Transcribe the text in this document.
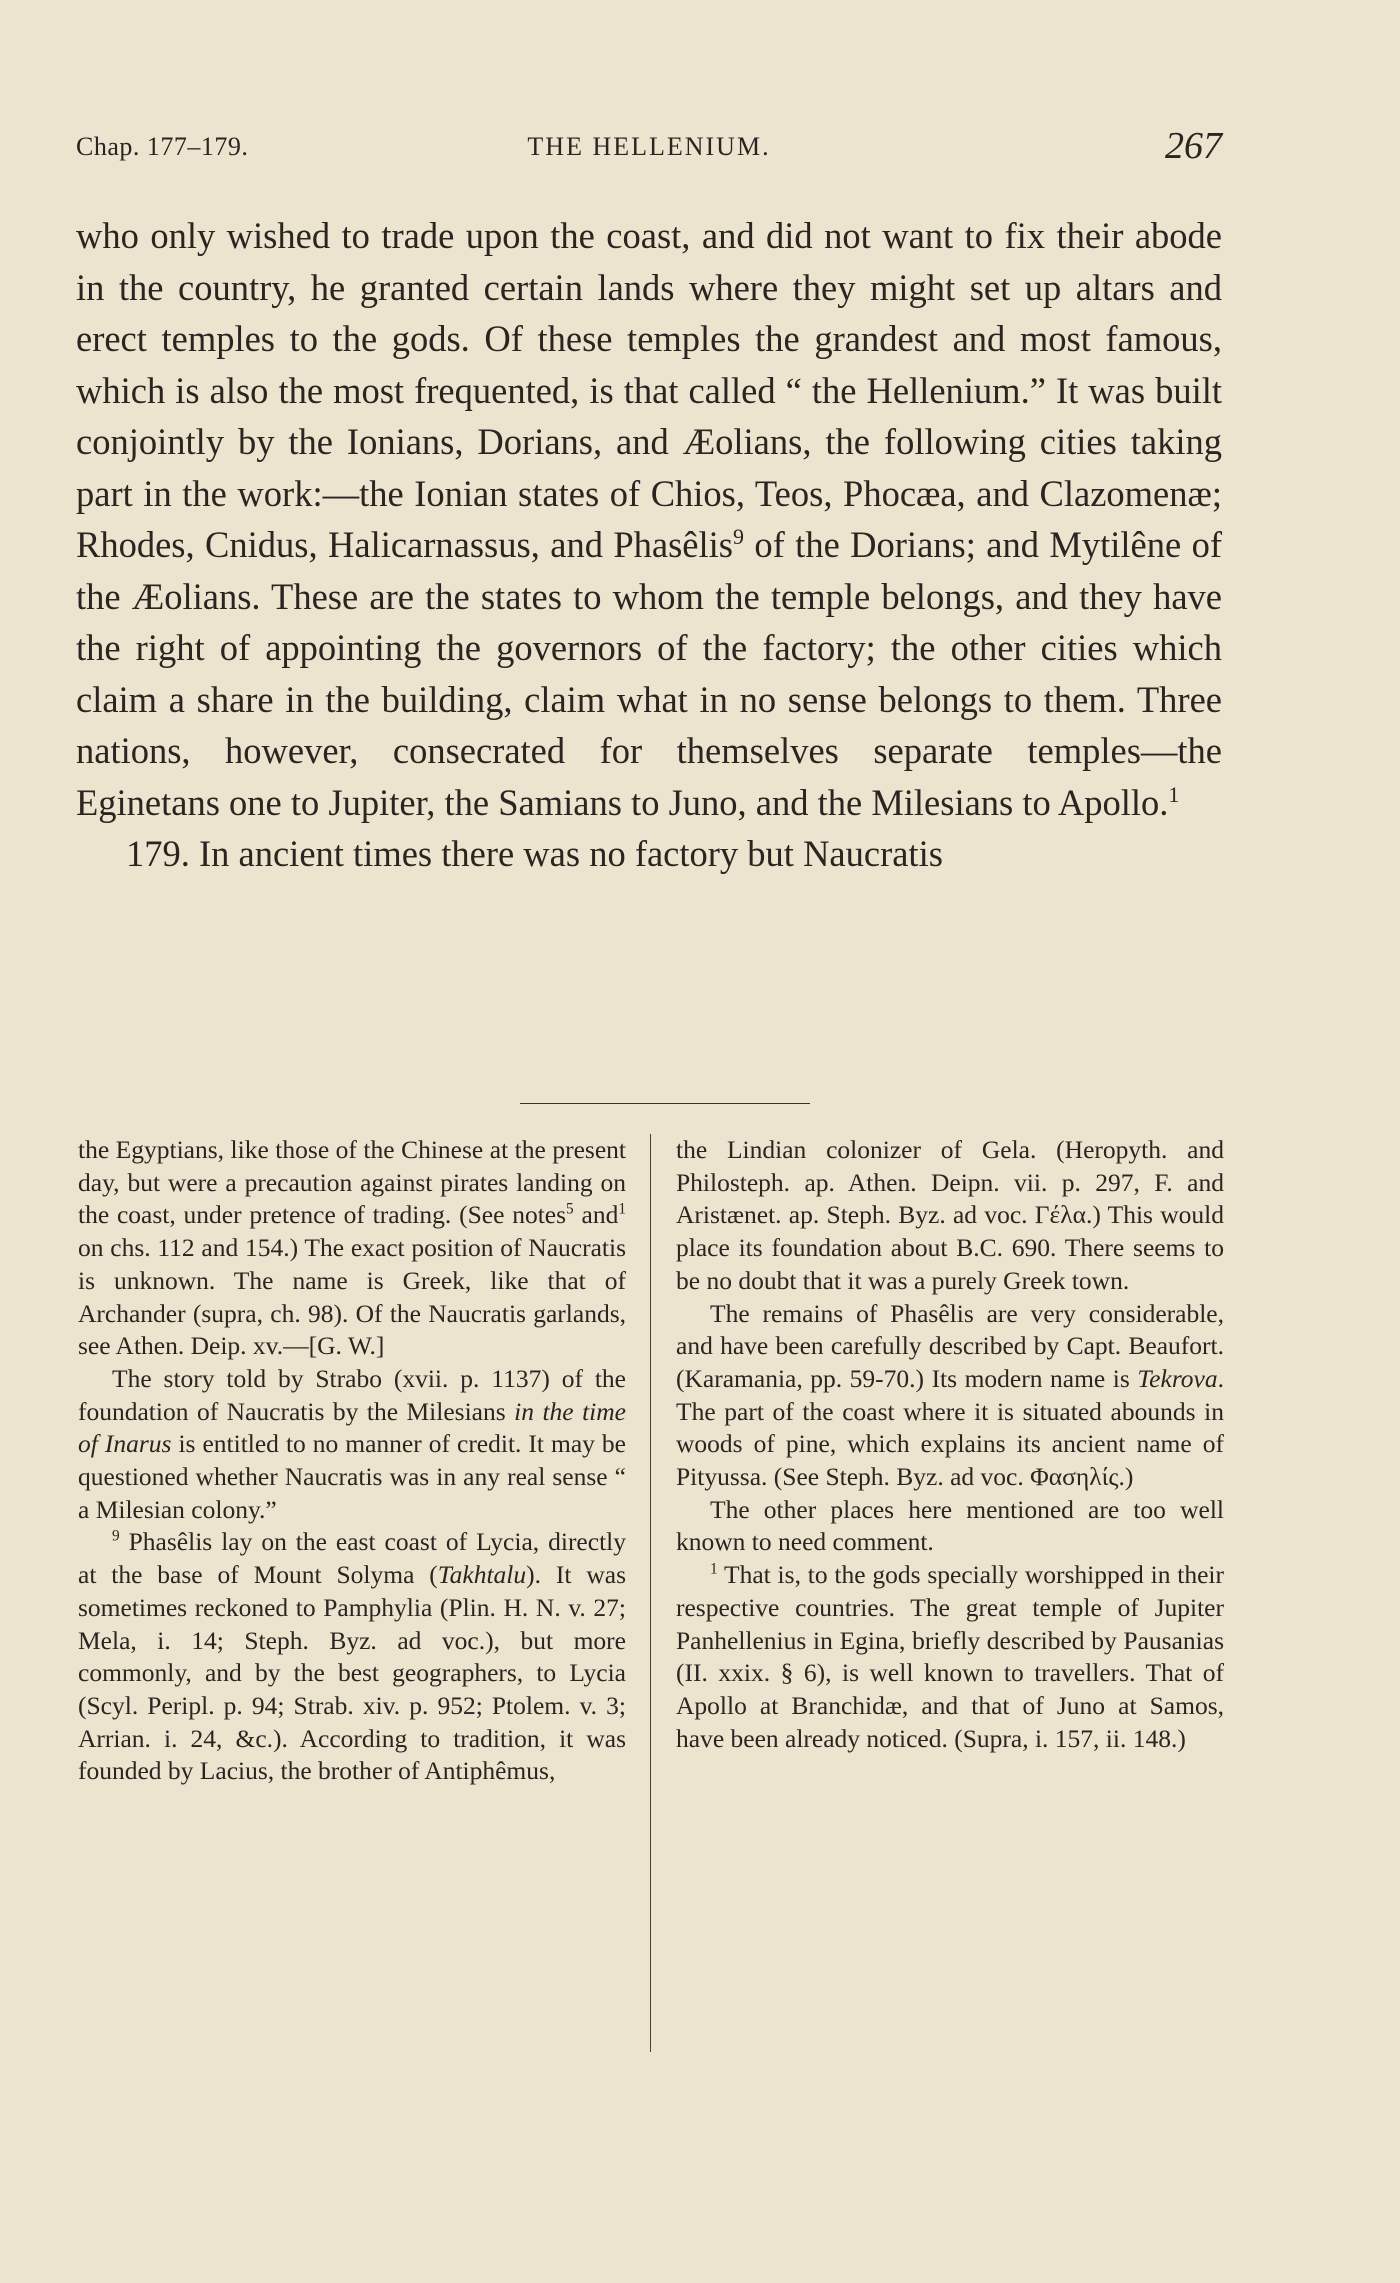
Chap. 177–179.	THE HELLENIUM.	267

who only wished to trade upon the coast, and did not want to fix their abode in the country, he granted certain lands where they might set up altars and erect temples to the gods. Of these temples the grandest and most famous, which is also the most frequented, is that called “ the Hellenium.” It was built conjointly by the Ionians, Dorians, and Æolians, the following cities taking part in the work:—the Ionian states of Chios, Teos, Phocæa, and Clazomenæ; Rhodes, Cnidus, Halicarnassus, and Phasêlis$^9$ of the Dorians; and Mytilêne of the Æolians. These are the states to whom the temple belongs, and they have the right of appointing the governors of the factory; the other cities which claim a share in the building, claim what in no sense belongs to them. Three nations, however, consecrated for themselves separate temples—the Eginetans one to Jupiter, the Samians to Juno, and the Milesians to Apollo.$^1$

179. In ancient times there was no factory but Naucratis

the Egyptians, like those of the Chinese at the present day, but were a precaution against pirates landing on the coast, under pretence of trading. (See notes$^5$ and$^1$ on chs. 112 and 154.) The exact position of Naucratis is unknown. The name is Greek, like that of Archander (supra, ch. 98). Of the Naucratis garlands, see Athen. Deip. xv.—[G. W.]

The story told by Strabo (xvii. p. 1137) of the foundation of Naucratis by the Milesians in the time of Inarus is entitled to no manner of credit. It may be questioned whether Naucratis was in any real sense “ a Milesian colony.”

$^9$ Phasêlis lay on the east coast of Lycia, directly at the base of Mount Solyma (Takhtalu). It was sometimes reckoned to Pamphylia (Plin. H. N. v. 27; Mela, i. 14; Steph. Byz. ad voc.), but more commonly, and by the best geographers, to Lycia (Scyl. Peripl. p. 94; Strab. xiv. p. 952; Ptolem. v. 3; Arrian. i. 24, &c.). According to tradition, it was founded by Lacius, the brother of Antiphêmus,

the Lindian colonizer of Gela. (Heropyth. and Philosteph. ap. Athen. Deipn. vii. p. 297, F. and Aristænet. ap. Steph. Byz. ad voc. Γέλα.) This would place its foundation about B.C. 690. There seems to be no doubt that it was a purely Greek town.

The remains of Phasêlis are very considerable, and have been carefully described by Capt. Beaufort. (Karamania, pp. 59-70.) Its modern name is Tekrova. The part of the coast where it is situated abounds in woods of pine, which explains its ancient name of Pityussa. (See Steph. Byz. ad voc. Φασηλίς.)

The other places here mentioned are too well known to need comment.

$^1$ That is, to the gods specially worshipped in their respective countries. The great temple of Jupiter Panhellenius in Egina, briefly described by Pausanias (II. xxix. § 6), is well known to travellers. That of Apollo at Branchidæ, and that of Juno at Samos, have been already noticed. (Supra, i. 157, ii. 148.)
